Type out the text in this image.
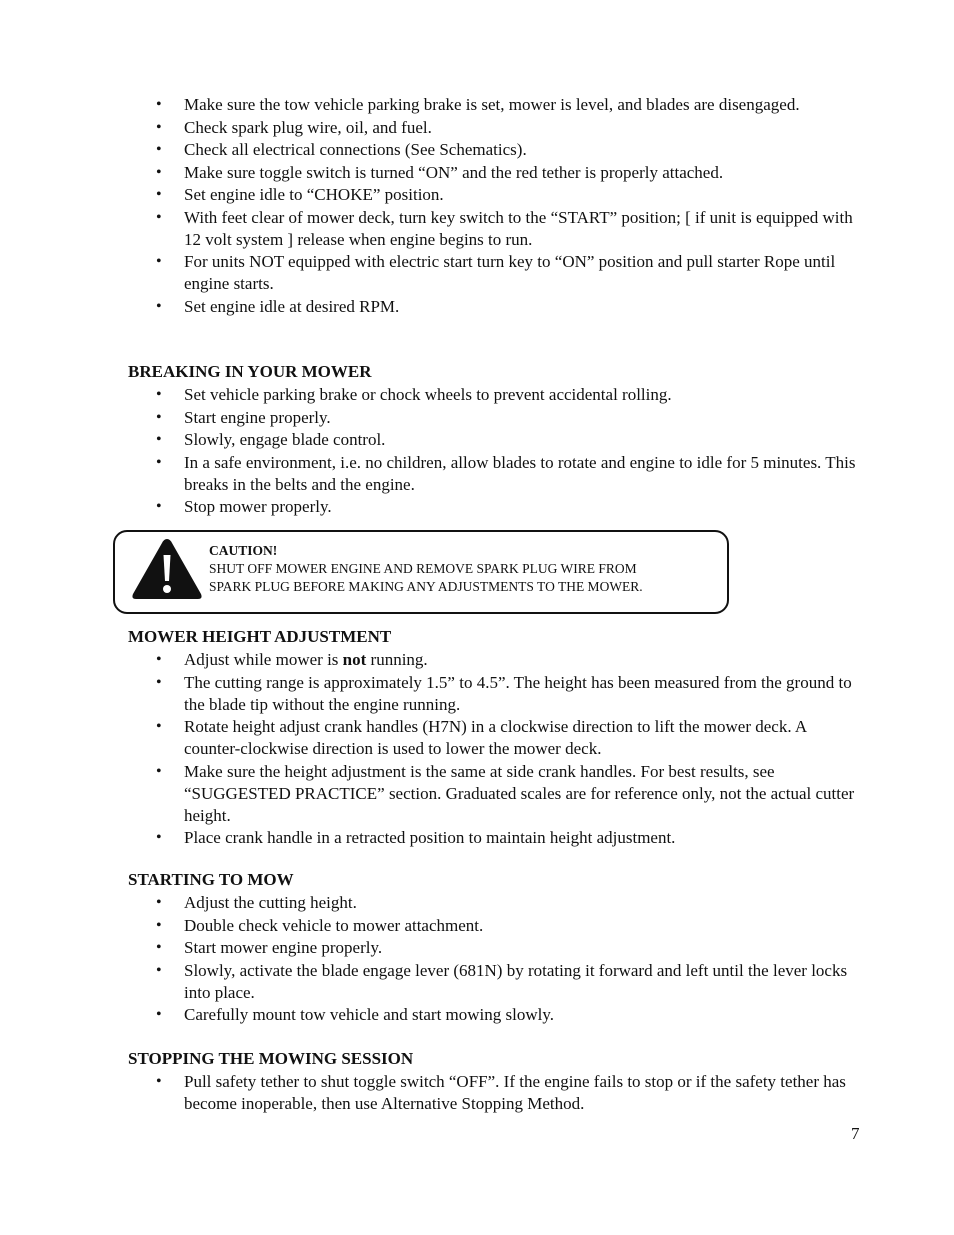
• Make sure the tow vehicle parking brake is set, mower is level, and blades are disengaged.
• Check spark plug wire, oil, and fuel.
• Check all electrical connections (See Schematics).
• Make sure toggle switch is turned “ON” and the red tether is properly attached.
• Set engine idle to “CHOKE” position.
• With feet clear of mower deck, turn key switch to the “START” position; [ if unit is equipped with 12 volt system ] release when engine begins to run.
• For units NOT equipped with electric start turn key to “ON” position and pull starter Rope until engine starts.
• Set engine idle at desired RPM.
BREAKING IN YOUR MOWER
• Set vehicle parking brake or chock wheels to prevent accidental rolling.
• Start engine properly.
• Slowly, engage blade control.
• In a safe environment, i.e. no children, allow blades to rotate and engine to idle for 5 minutes. This breaks in the belts and the engine.
• Stop mower properly.
CAUTION!
SHUT OFF MOWER ENGINE AND REMOVE SPARK PLUG WIRE FROM
SPARK PLUG BEFORE MAKING ANY ADJUSTMENTS TO THE MOWER.
MOWER HEIGHT ADJUSTMENT
• Adjust while mower is not running.
• The cutting range is approximately 1.5” to 4.5”. The height has been measured from the ground to the blade tip without the engine running.
• Rotate height adjust crank handles (H7N) in a clockwise direction to lift the mower deck. A counter-clockwise direction is used to lower the mower deck.
• Make sure the height adjustment is the same at side crank handles. For best results, see “SUGGESTED PRACTICE” section. Graduated scales are for reference only, not the actual cutter height.
• Place crank handle in a retracted position to maintain height adjustment.
STARTING TO MOW
• Adjust the cutting height.
• Double check vehicle to mower attachment.
• Start mower engine properly.
• Slowly, activate the blade engage lever (681N) by rotating it forward and left until the lever locks into place.
• Carefully mount tow vehicle and start mowing slowly.
STOPPING THE MOWING SESSION
• Pull safety tether to shut toggle switch “OFF”. If the engine fails to stop or if the safety tether has become inoperable, then use Alternative Stopping Method.
7
